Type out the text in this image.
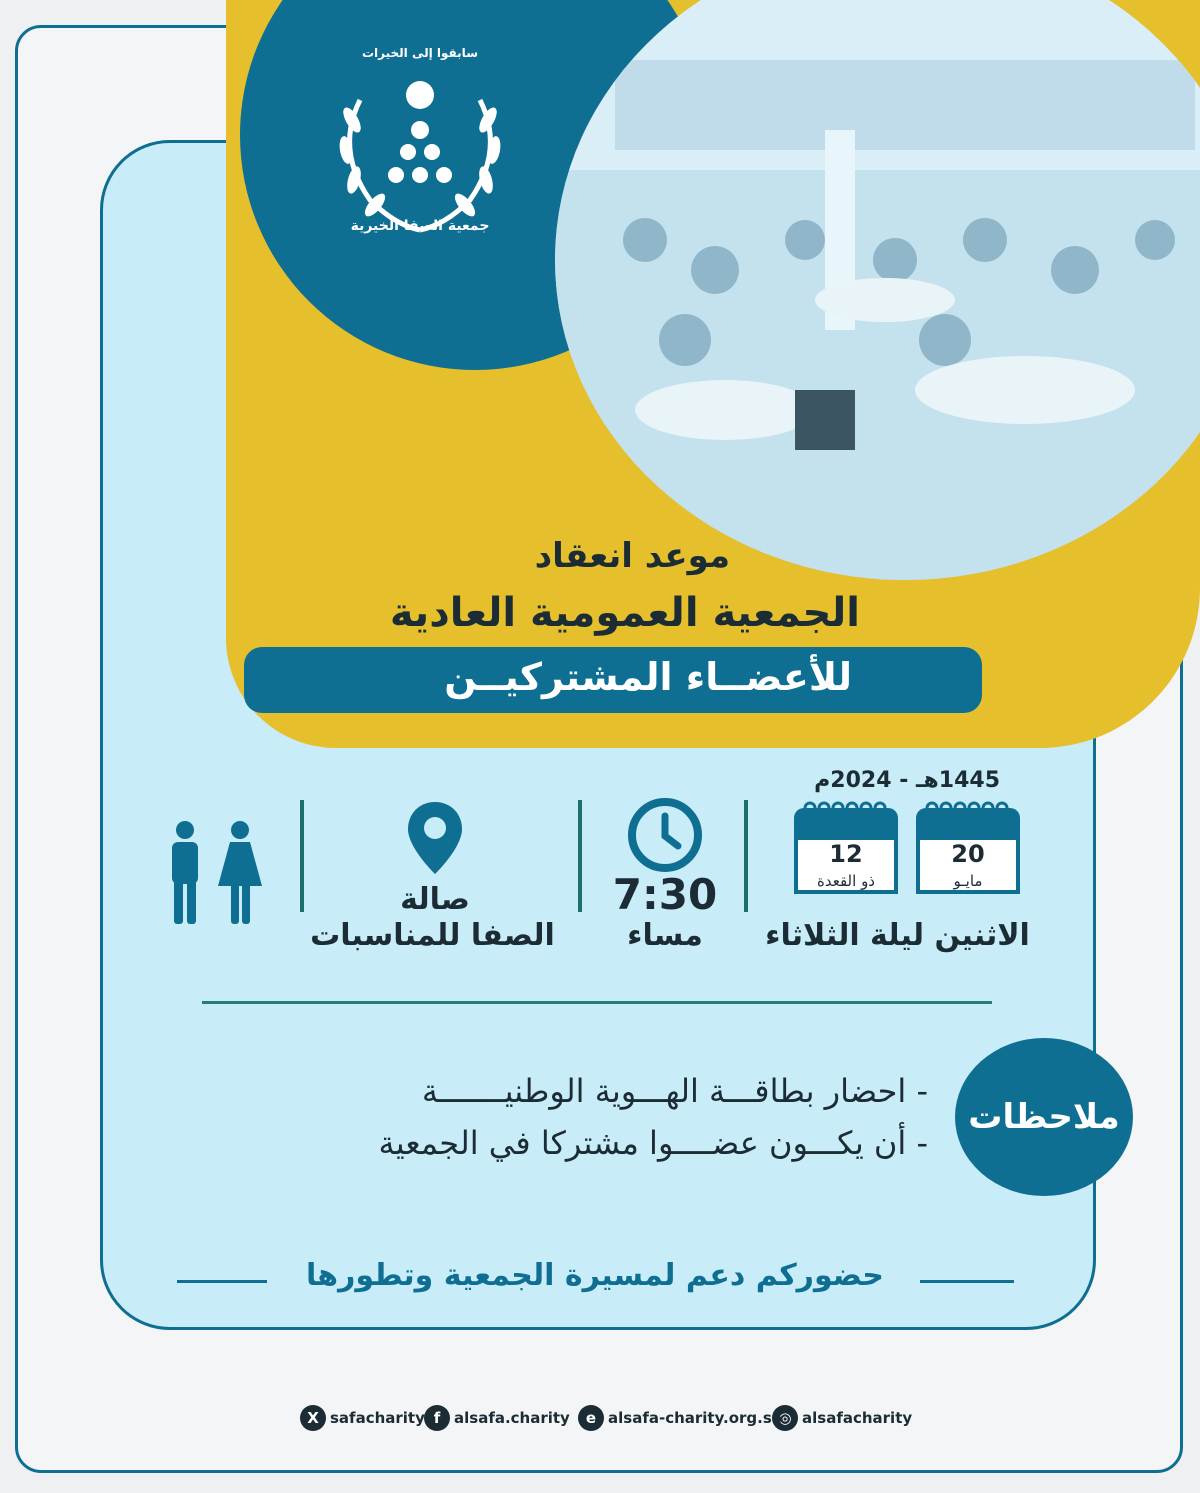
سابقوا إلى الخيرات
جمعية الصفا الخيرية
موعد انعقاد
الجمعية العمومية العادية
للأعضــاء المشتركيــن
1445هـ - 2024م
20
مايـو
12
ذو القعدة
الاثنين ليلة الثلاثاء
7:30
مساء
صالة
الصفا للمناسبات
ملاحظات
- احضار بطاقـــة الهـــوية الوطنيـــــــة
- أن يكـــون عضــــوا مشتركا في الجمعية
حضوركم دعم لمسيرة الجمعية وتطورها
◎ alsafacharity
e alsafa-charity.org.sa
f alsafa.charity
X safacharity
